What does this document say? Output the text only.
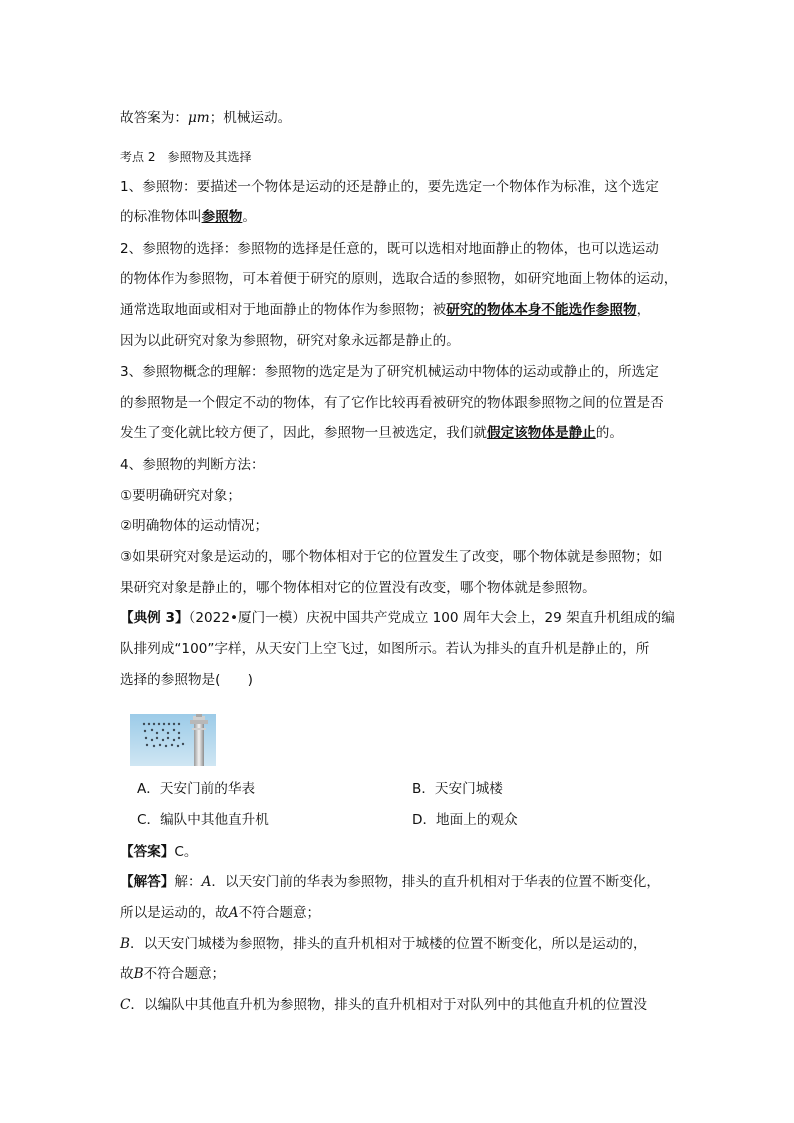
故答案为：μm；机械运动。
考点 2　参照物及其选择
1、参照物：要描述一个物体是运动的还是静止的，要先选定一个物体作为标准，这个选定
的标准物体叫参照物。
2、参照物的选择：参照物的选择是任意的，既可以选相对地面静止的物体，也可以选运动
的物体作为参照物，可本着便于研究的原则，选取合适的参照物，如研究地面上物体的运动，
通常选取地面或相对于地面静止的物体作为参照物；被研究的物体本身不能选作参照物，
因为以此研究对象为参照物，研究对象永远都是静止的。
3、参照物概念的理解：参照物的选定是为了研究机械运动中物体的运动或静止的，所选定
的参照物是一个假定不动的物体，有了它作比较再看被研究的物体跟参照物之间的位置是否
发生了变化就比较方便了，因此，参照物一旦被选定，我们就假定该物体是静止的。
4、参照物的判断方法：
①要明确研究对象；
②明确物体的运动情况；
③如果研究对象是运动的，哪个物体相对于它的位置发生了改变，哪个物体就是参照物；如
果研究对象是静止的，哪个物体相对它的位置没有改变，哪个物体就是参照物。
【典例 3】（2022•厦门一模）庆祝中国共产党成立 100 周年大会上，29 架直升机组成的编
队排列成“100”字样，从天安门上空飞过，如图所示。若认为排头的直升机是静止的，所
选择的参照物是(　　)
A．天安门前的华表	B．天安门城楼
C．编队中其他直升机	D．地面上的观众
【答案】C。
【解答】解：A．以天安门前的华表为参照物，排头的直升机相对于华表的位置不断变化，
所以是运动的，故A不符合题意；
B．以天安门城楼为参照物，排头的直升机相对于城楼的位置不断变化，所以是运动的，
故B不符合题意；
C．以编队中其他直升机为参照物，排头的直升机相对于对队列中的其他直升机的位置没
